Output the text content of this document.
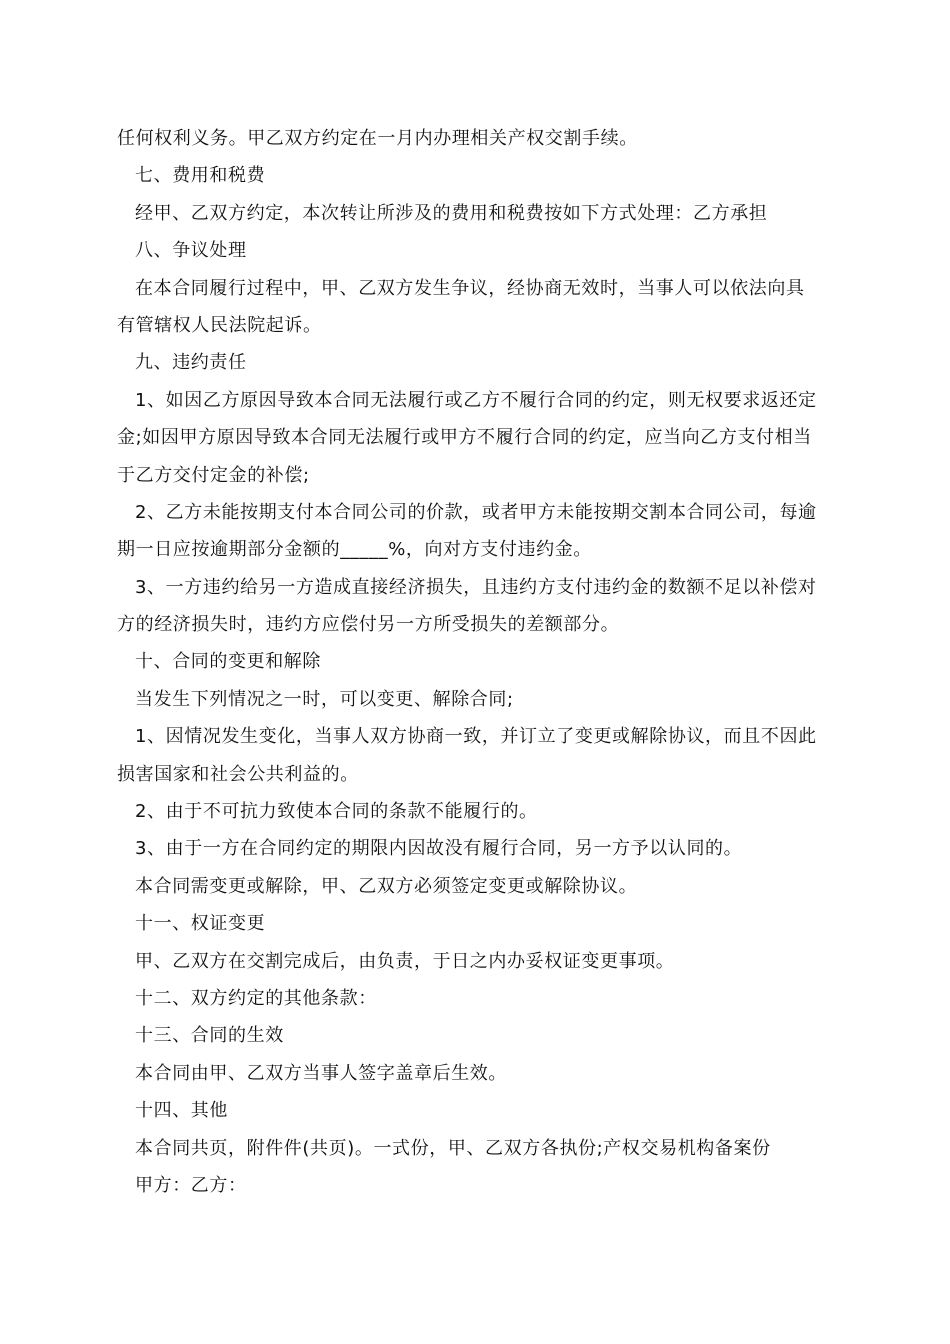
任何权利义务。甲乙双方约定在一月内办理相关产权交割手续。
七、费用和税费
经甲、乙双方约定，本次转让所涉及的费用和税费按如下方式处理：乙方承担
八、争议处理
在本合同履行过程中，甲、乙双方发生争议，经协商无效时，当事人可以依法向具
有管辖权人民法院起诉。
九、违约责任
1、如因乙方原因导致本合同无法履行或乙方不履行合同的约定，则无权要求返还定
金;如因甲方原因导致本合同无法履行或甲方不履行合同的约定，应当向乙方支付相当
于乙方交付定金的补偿;
2、乙方未能按期支付本合同公司的价款，或者甲方未能按期交割本合同公司，每逾
期一日应按逾期部分金额的_____%，向对方支付违约金。
3、一方违约给另一方造成直接经济损失，且违约方支付违约金的数额不足以补偿对
方的经济损失时，违约方应偿付另一方所受损失的差额部分。
十、合同的变更和解除
当发生下列情况之一时，可以变更、解除合同;
1、因情况发生变化，当事人双方协商一致，并订立了变更或解除协议，而且不因此
损害国家和社会公共利益的。
2、由于不可抗力致使本合同的条款不能履行的。
3、由于一方在合同约定的期限内因故没有履行合同，另一方予以认同的。
本合同需变更或解除，甲、乙双方必须签定变更或解除协议。
十一、权证变更
甲、乙双方在交割完成后，由负责，于日之内办妥权证变更事项。
十二、双方约定的其他条款：
十三、合同的生效
本合同由甲、乙双方当事人签字盖章后生效。
十四、其他
本合同共页，附件件(共页)。一式份，甲、乙双方各执份;产权交易机构备案份
甲方：乙方：
